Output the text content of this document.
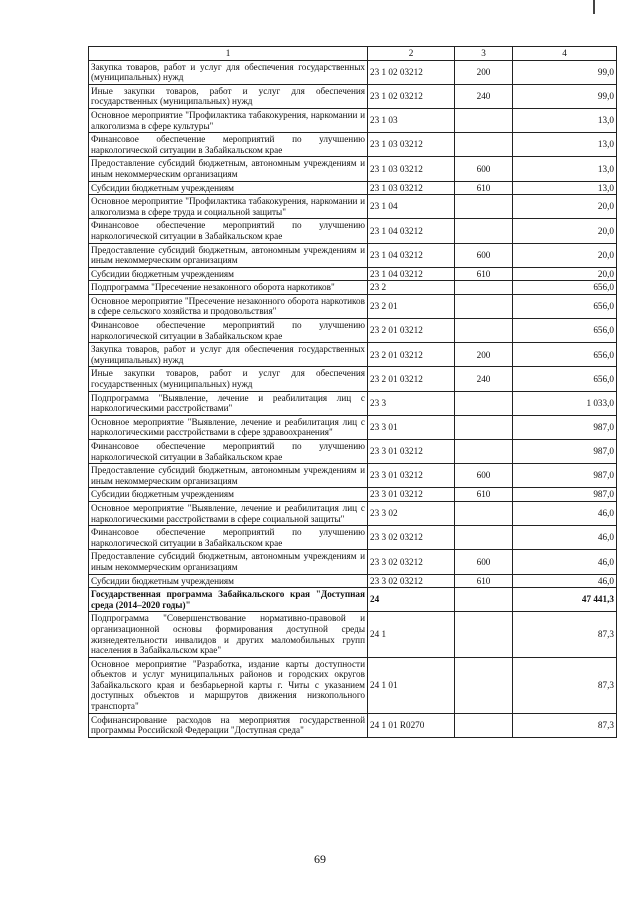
1	2	3	4
Закупка товаров, работ и услуг для обеспечения государственных (муниципальных) нужд	23 1 02 03212	200	99,0
Иные закупки товаров, работ и услуг для обеспечения государственных (муниципальных) нужд	23 1 02 03212	240	99,0
Основное мероприятие "Профилактика табакокурения, наркомании и алкоголизма в сфере культуры"	23 1 03		13,0
Финансовое обеспечение мероприятий по улучшению наркологической ситуации в Забайкальском крае	23 1 03 03212		13,0
Предоставление субсидий бюджетным, автономным учреждениям и иным некоммерческим организациям	23 1 03 03212	600	13,0
Субсидии бюджетным учреждениям	23 1 03 03212	610	13,0
Основное мероприятие "Профилактика табакокурения, наркомании и алкоголизма в сфере труда и социальной защиты"	23 1 04		20,0
Финансовое обеспечение мероприятий по улучшению наркологической ситуации в Забайкальском крае	23 1 04 03212		20,0
Предоставление субсидий бюджетным, автономным учреждениям и иным некоммерческим организациям	23 1 04 03212	600	20,0
Субсидии бюджетным учреждениям	23 1 04 03212	610	20,0
Подпрограмма "Пресечение незаконного оборота наркотиков"	23 2		656,0
Основное мероприятие "Пресечение незаконного оборота наркотиков в сфере сельского хозяйства и продовольствия"	23 2 01		656,0
Финансовое обеспечение мероприятий по улучшению наркологической ситуации в Забайкальском крае	23 2 01 03212		656,0
Закупка товаров, работ и услуг для обеспечения государственных (муниципальных) нужд	23 2 01 03212	200	656,0
Иные закупки товаров, работ и услуг для обеспечения государственных (муниципальных) нужд	23 2 01 03212	240	656,0
Подпрограмма "Выявление, лечение и реабилитация лиц с наркологическими расстройствами"	23 3		1 033,0
Основное мероприятие "Выявление, лечение и реабилитация лиц с наркологическими расстройствами в сфере здравоохранения"	23 3 01		987,0
Финансовое обеспечение мероприятий по улучшению наркологической ситуации в Забайкальском крае	23 3 01 03212		987,0
Предоставление субсидий бюджетным, автономным учреждениям и иным некоммерческим организациям	23 3 01 03212	600	987,0
Субсидии бюджетным учреждениям	23 3 01 03212	610	987,0
Основное мероприятие "Выявление, лечение и реабилитация лиц с наркологическими расстройствами в сфере социальной защиты"	23 3 02		46,0
Финансовое обеспечение мероприятий по улучшению наркологической ситуации в Забайкальском крае	23 3 02 03212		46,0
Предоставление субсидий бюджетным, автономным учреждениям и иным некоммерческим организациям	23 3 02 03212	600	46,0
Субсидии бюджетным учреждениям	23 3 02 03212	610	46,0
Государственная программа Забайкальского края "Доступная среда (2014–2020 годы)"	24		47 441,3
Подпрограмма "Совершенствование нормативно-правовой и организационной основы формирования доступной среды жизнедеятельности инвалидов и других маломобильных групп населения в Забайкальском крае"	24 1		87,3
Основное мероприятие "Разработка, издание карты доступности объектов и услуг муниципальных районов и городских округов Забайкальского края и безбарьерной карты г. Читы с указанием доступных объектов и маршрутов движения низкопольного транспорта"	24 1 01		87,3
Софинансирование расходов на мероприятия государственной программы Российской Федерации "Доступная среда"	24 1 01 R0270		87,3
69
